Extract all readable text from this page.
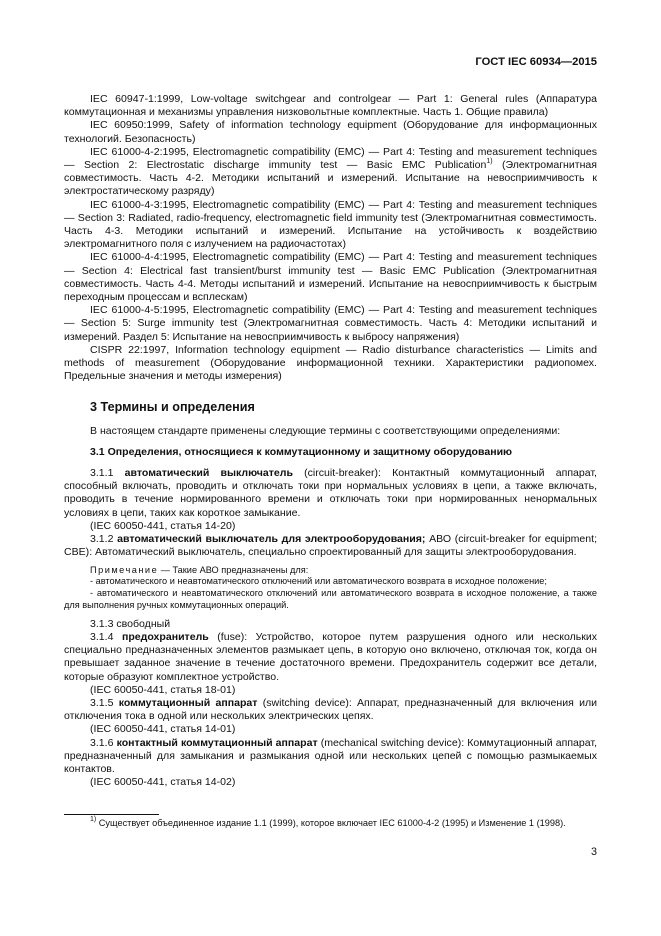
ГОСТ IEC 60934—2015

IEC 60947-1:1999, Low-voltage switchgear and controlgear — Part 1: General rules (Аппаратура коммутационная и механизмы управления низковольтные комплектные. Часть 1. Общие правила)

IEC 60950:1999, Safety of information technology equipment (Оборудование для информационных технологий. Безопасность)

IEC 61000-4-2:1995, Electromagnetic compatibility (EMC) — Part 4: Testing and measurement techniques — Section 2: Electrostatic discharge immunity test — Basic EMC Publication$^{1)}$ (Электромагнитная совместимость. Часть 4-2. Методики испытаний и измерений. Испытание на невосприимчивость к электростатическому разряду)

IEC 61000-4-3:1995, Electromagnetic compatibility (EMC) — Part 4: Testing and measurement techniques — Section 3: Radiated, radio-frequency, electromagnetic field immunity test (Электромагнитная совместимость. Часть 4-3. Методики испытаний и измерений. Испытание на устойчивость к воздействию электромагнитного поля с излучением на радиочастотах)

IEC 61000-4-4:1995, Electromagnetic compatibility (EMC) — Part 4: Testing and measurement techniques — Section 4: Electrical fast transient/burst immunity test — Basic EMC Publication (Электромагнитная совместимость. Часть 4-4. Методы испытаний и измерений. Испытание на невосприимчивость к быстрым переходным процессам и всплескам)

IEC 61000-4-5:1995, Electromagnetic compatibility (EMC) — Part 4: Testing and measurement techniques — Section 5: Surge immunity test (Электромагнитная совместимость. Часть 4: Методики испытаний и измерений. Раздел 5: Испытание на невосприимчивость к выбросу напряжения)

CISPR 22:1997, Information technology equipment — Radio disturbance characteristics — Limits and methods of measurement (Оборудование информационной техники. Характеристики радиопомех. Предельные значения и методы измерения)

3 Термины и определения

В настоящем стандарте применены следующие термины с соответствующими определениями:

3.1 Определения, относящиеся к коммутационному и защитному оборудованию

3.1.1 автоматический выключатель (circuit-breaker): Контактный коммутационный аппарат, способный включать, проводить и отключать токи при нормальных условиях в цепи, а также включать, проводить в течение нормированного времени и отключать токи при нормированных ненормальных условиях в цепи, таких как короткое замыкание.

(IEC 60050-441, статья 14-20)

3.1.2 автоматический выключатель для электрооборудования; АВО (circuit-breaker for equipment; CBE): Автоматический выключатель, специально спроектированный для защиты электрооборудования.

Примечание — Такие АВО предназначены для:

- автоматического и неавтоматического отключений или автоматического возврата в исходное положение;

- автоматического и неавтоматического отключений или автоматического возврата в исходное положение, а также для выполнения ручных коммутационных операций.

3.1.3 свободный

3.1.4 предохранитель (fuse): Устройство, которое путем разрушения одного или нескольких специально предназначенных элементов размыкает цепь, в которую оно включено, отключая ток, когда он превышает заданное значение в течение достаточного времени. Предохранитель содержит все детали, которые образуют комплектное устройство.

(IEC 60050-441, статья 18-01)

3.1.5 коммутационный аппарат (switching device): Аппарат, предназначенный для включения или отключения тока в одной или нескольких электрических цепях.

(IEC 60050-441, статья 14-01)

3.1.6 контактный коммутационный аппарат (mechanical switching device): Коммутационный аппарат, предназначенный для замыкания и размыкания одной или нескольких цепей с помощью размыкаемых контактов.

(IEC 60050-441, статья 14-02)

$^{1)}$ Существует объединенное издание 1.1 (1999), которое включает IEC 61000-4-2 (1995) и Изменение 1 (1998).
3
